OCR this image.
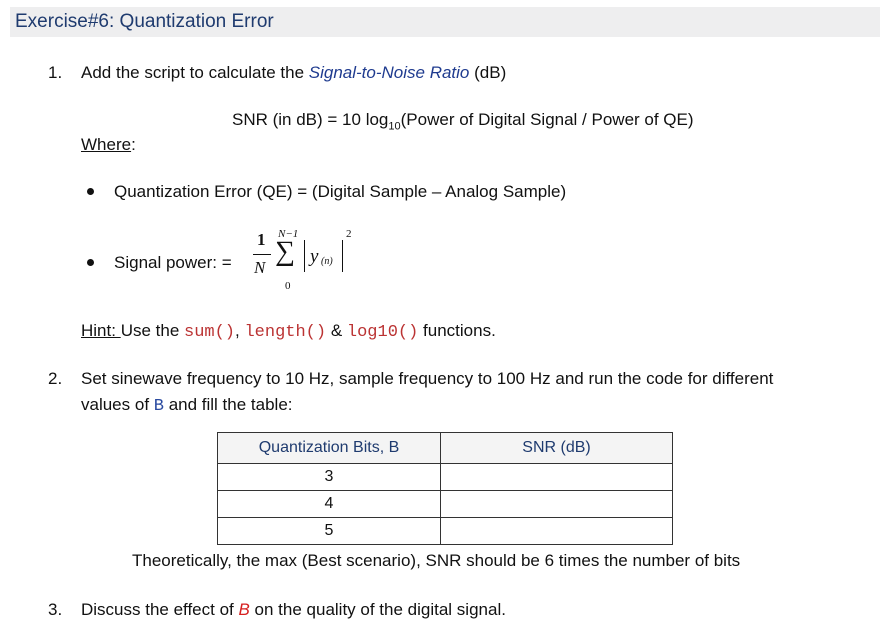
Exercise#6: Quantization Error
1. Add the script to calculate the Signal-to-Noise Ratio (dB)
SNR (in dB) = 10 $\log_{10}(Power$ of Digital Signal / Power of QE)
Where:
Quantization Error (QE) = (Digital Sample – Analog Sample)
Signal power: =
1
N
N−1
∑
0
y (n)
2
Hint: Use the sum(), length() & log10() functions.
2. Set sinewave frequency to 10 Hz, sample frequency to 100 Hz and run the code for different
values of B and fill the table:
Quantization Bits, B	SNR (dB)
3	
4	
5	
Theoretically, the max (Best scenario), SNR should be 6 times the number of bits
3. Discuss the effect of B on the quality of the digital signal.
